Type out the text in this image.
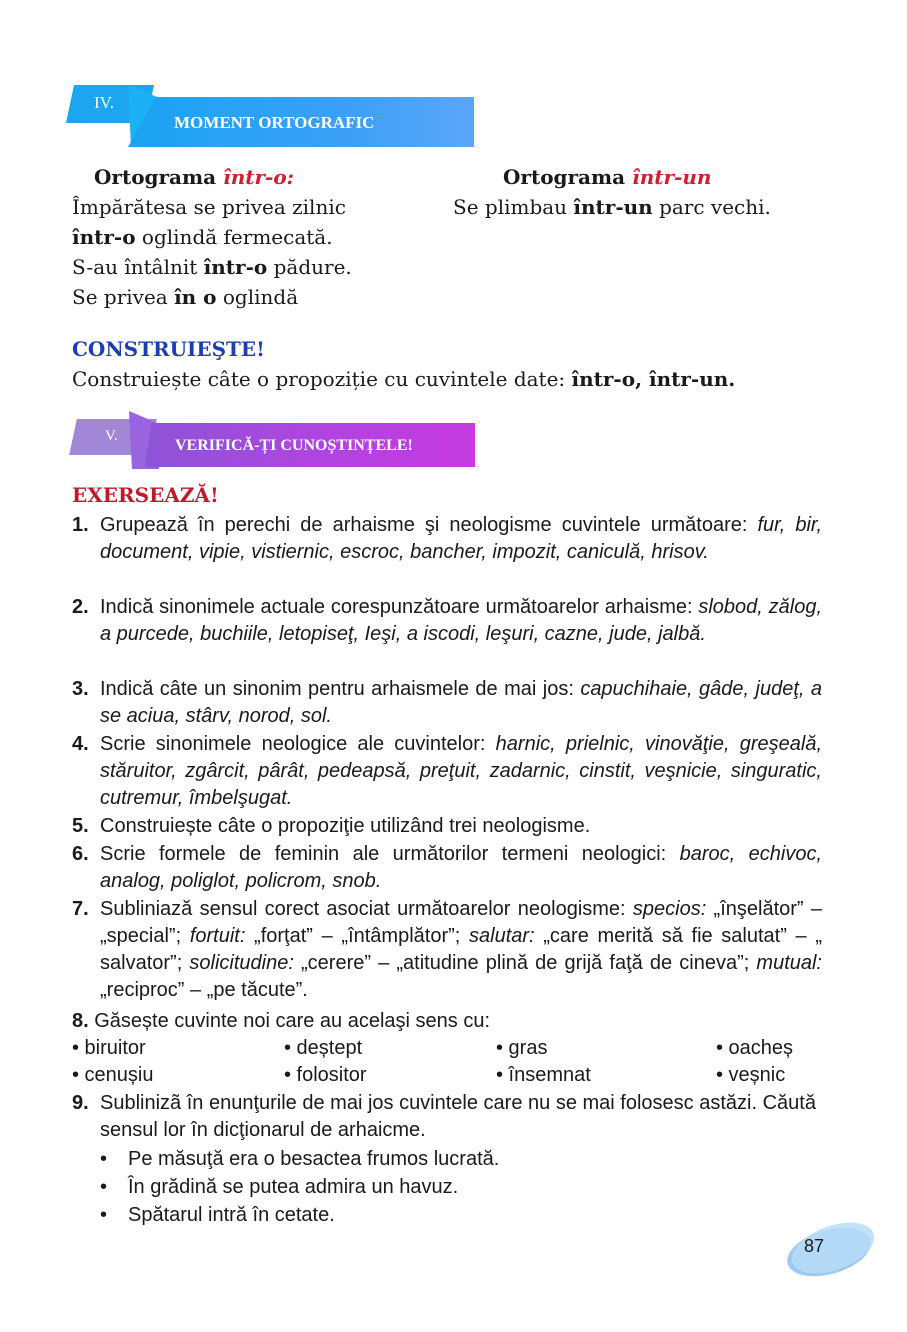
IV.
MOMENT ORTOGRAFIC
Ortograma într-o:
Împărătesa se privea zilnic
într-o oglindă fermecată.
S-au întâlnit într-o pădure.
Se privea în o oglindă
Ortograma într-un
Se plimbau într-un parc vechi.
CONSTRUIEŞTE!
Construiește câte o propoziție cu cuvintele date: într-o, într-un.
V.
VERIFICĂ-ȚI CUNOȘTINȚELE!
EXERSEAZĂ!
1. Grupează în perechi de arhaisme şi neologisme cuvintele următoare: fur, bir, document, vipie, vistiernic, escroc, bancher, impozit, caniculă, hrisov.
2. Indică sinonimele actuale corespunzătoare următoarelor arhaisme: slobod, zălog, a purcede, buchiile, letopiseţ, Ieşi, a iscodi, leşuri, cazne, jude, jalbă.
3. Indică câte un sinonim pentru arhaismele de mai jos: capuchihaie, gâde, judeţ, a se aciua, stârv, norod, sol.
4. Scrie sinonimele neologice ale cuvintelor: harnic, prielnic, vinovăţie, greşeală, stăruitor, zgârcit, pârât, pedeapsă, preţuit, zadarnic, cinstit, veşnicie, singuratic, cutremur, îmbelşugat.
5. Construiește câte o propoziţie utilizând trei neologisme.
6. Scrie formele de feminin ale următorilor termeni neologici: baroc, echivoc, analog, poliglot, policrom, snob.
7. Subliniază sensul corect asociat următoarelor neologisme: specios: „înşelător” – „special”; fortuit: „forţat” – „întâmplător”; salutar: „care merită să fie salutat” – „ salvator”; solicitudine: „cerere” – „atitudine plină de grijă faţă de cineva”; mutual: „reciproc” – „pe tăcute”.
8. Găsește cuvinte noi care au acelaşi sens cu:
• biruitor	• deștept	• gras	• oacheș
• cenușiu	• folositor	• însemnat	• veșnic
9. Sublinizã în enunţurile de mai jos cuvintele care nu se mai folosesc astăzi. Căută sensul lor în dicţionarul de arhaicme.
• Pe măsuţă era o besactea frumos lucrată.
• În grădină se putea admira un havuz.
• Spătarul intră în cetate.
87
